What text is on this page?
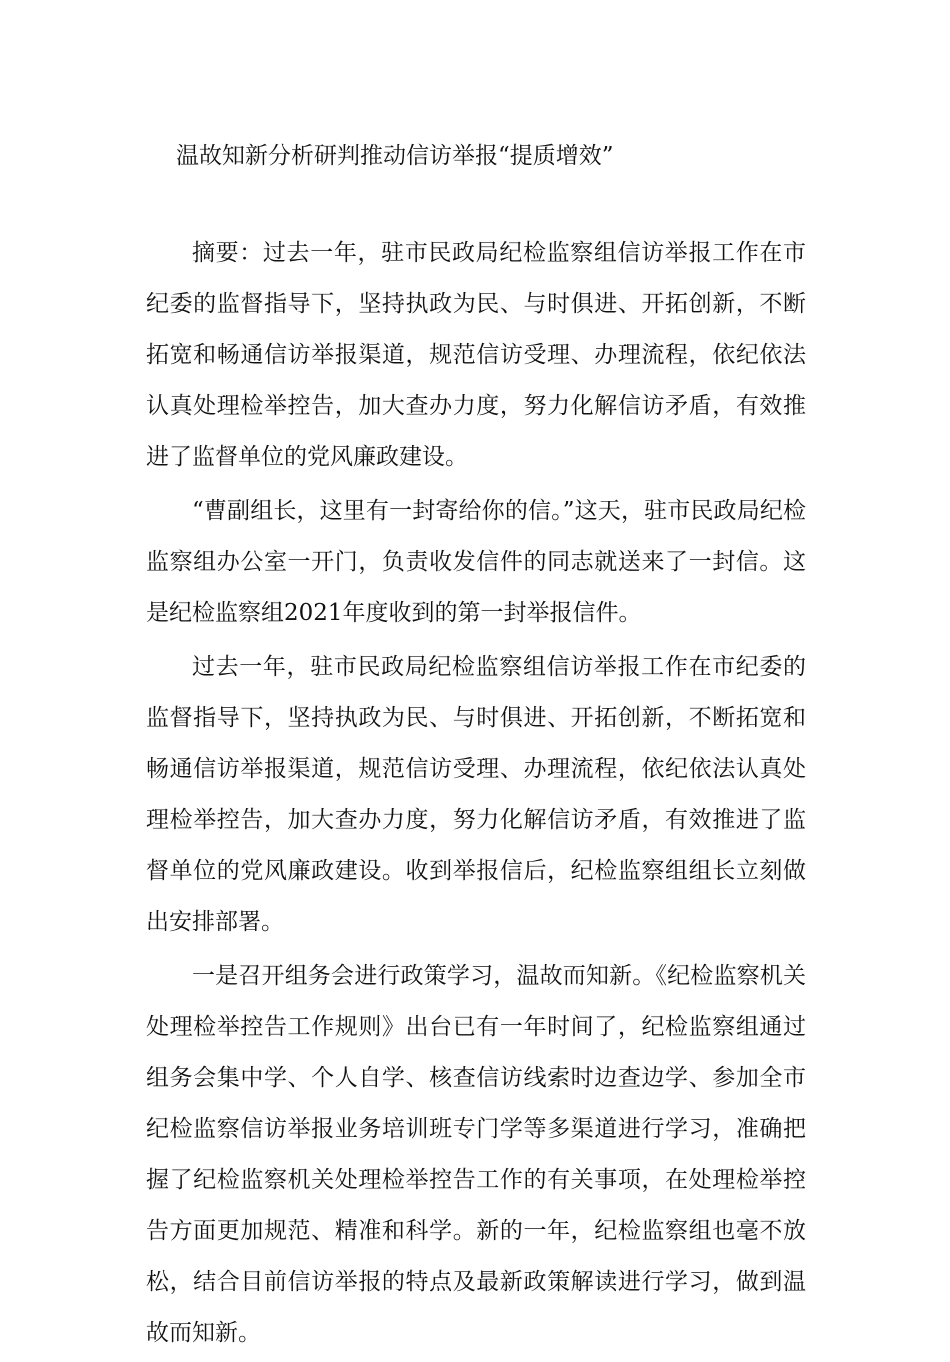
温故知新分析研判推动信访举报“提质增效”

摘要：过去一年，驻市民政局纪检监察组信访举报工作在市纪委的监督指导下，坚持执政为民、与时俱进、开拓创新，不断拓宽和畅通信访举报渠道，规范信访受理、办理流程，依纪依法认真处理检举控告，加大查办力度，努力化解信访矛盾，有效推进了监督单位的党风廉政建设。

“曹副组长，这里有一封寄给你的信。”这天，驻市民政局纪检监察组办公室一开门，负责收发信件的同志就送来了一封信。这是纪检监察组2021年度收到的第一封举报信件。

过去一年，驻市民政局纪检监察组信访举报工作在市纪委的监督指导下，坚持执政为民、与时俱进、开拓创新，不断拓宽和畅通信访举报渠道，规范信访受理、办理流程，依纪依法认真处理检举控告，加大查办力度，努力化解信访矛盾，有效推进了监督单位的党风廉政建设。收到举报信后，纪检监察组组长立刻做出安排部署。

一是召开组务会进行政策学习，温故而知新。《纪检监察机关处理检举控告工作规则》出台已有一年时间了，纪检监察组通过组务会集中学、个人自学、核查信访线索时边查边学、参加全市纪检监察信访举报业务培训班专门学等多渠道进行学习，准确把握了纪检监察机关处理检举控告工作的有关事项，在处理检举控告方面更加规范、精准和科学。新的一年，纪检监察组也毫不放松，结合目前信访举报的特点及最新政策解读进行学习，做到温故而知新。
